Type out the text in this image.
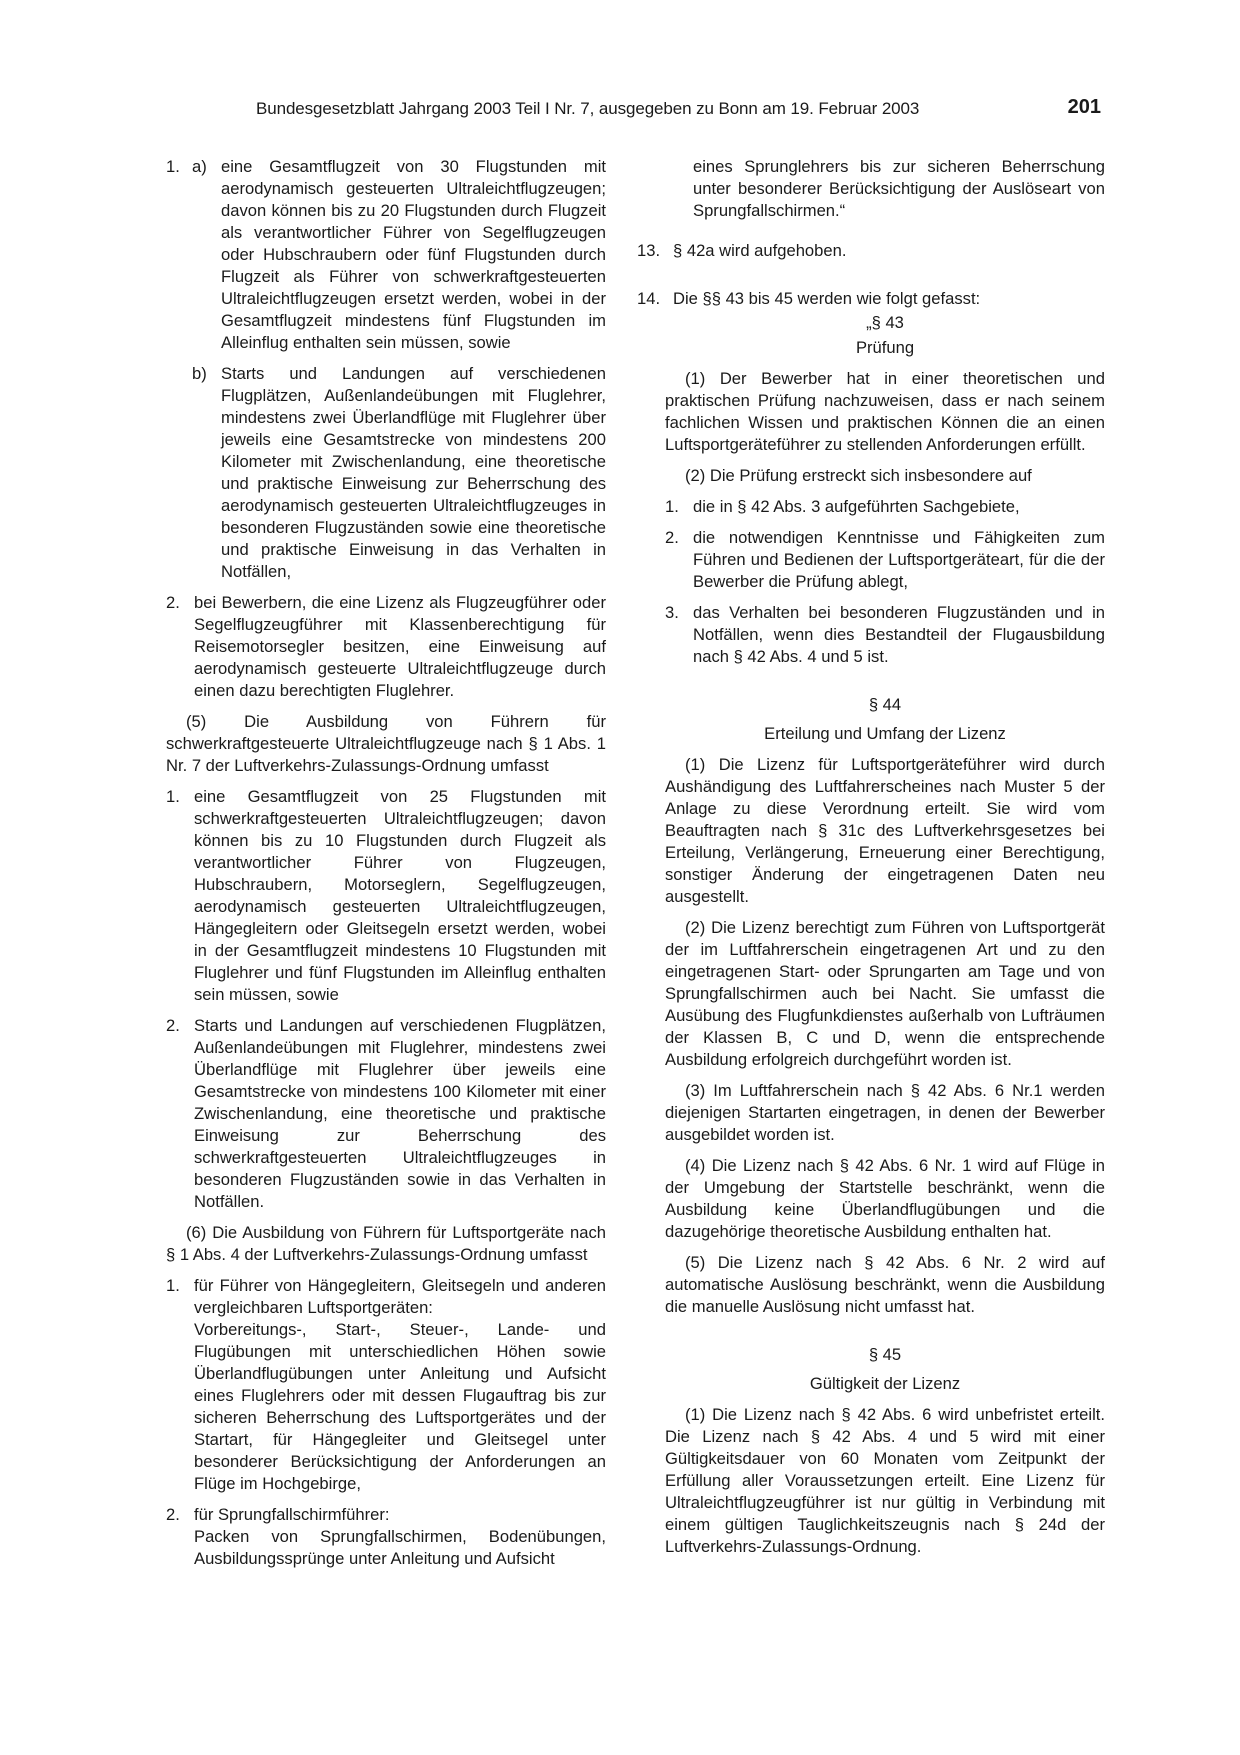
Bundesgesetzblatt Jahrgang 2003 Teil I Nr. 7, ausgegeben zu Bonn am 19. Februar 2003	201
1. a) eine Gesamtflugzeit von 30 Flugstunden mit aerodynamisch gesteuerten Ultraleichtflugzeugen; davon können bis zu 20 Flugstunden durch Flugzeit als verantwortlicher Führer von Segelflugzeugen oder Hubschraubern oder fünf Flugstunden durch Flugzeit als Führer von schwerkraftgesteuerten Ultraleichtflugzeugen ersetzt werden, wobei in der Gesamtflugzeit mindestens fünf Flugstunden im Alleinflug enthalten sein müssen, sowie

b) Starts und Landungen auf verschiedenen Flugplätzen, Außenlandeübungen mit Fluglehrer, mindestens zwei Überlandflüge mit Fluglehrer über jeweils eine Gesamtstrecke von mindestens 200 Kilometer mit Zwischenlandung, eine theoretische und praktische Einweisung zur Beherrschung des aerodynamisch gesteuerten Ultraleichtflugzeuges in besonderen Flugzuständen sowie eine theoretische und praktische Einweisung in das Verhalten in Notfällen,

2. bei Bewerbern, die eine Lizenz als Flugzeugführer oder Segelflugzeugführer mit Klassenberechtigung für Reisemotorsegler besitzen, eine Einweisung auf aerodynamisch gesteuerte Ultraleichtflugzeuge durch einen dazu berechtigten Fluglehrer.

(5) Die Ausbildung von Führern für schwerkraftgesteuerte Ultraleichtflugzeuge nach § 1 Abs. 1 Nr. 7 der Luftverkehrs-Zulassungs-Ordnung umfasst

1. eine Gesamtflugzeit von 25 Flugstunden mit schwerkraftgesteuerten Ultraleichtflugzeugen; davon können bis zu 10 Flugstunden durch Flugzeit als verantwortlicher Führer von Flugzeugen, Hubschraubern, Motorseglern, Segelflugzeugen, aerodynamisch gesteuerten Ultraleichtflugzeugen, Hängegleitern oder Gleitsegeln ersetzt werden, wobei in der Gesamtflugzeit mindestens 10 Flugstunden mit Fluglehrer und fünf Flugstunden im Alleinflug enthalten sein müssen, sowie

2. Starts und Landungen auf verschiedenen Flugplätzen, Außenlandeübungen mit Fluglehrer, mindestens zwei Überlandflüge mit Fluglehrer über jeweils eine Gesamtstrecke von mindestens 100 Kilometer mit einer Zwischenlandung, eine theoretische und praktische Einweisung zur Beherrschung des schwerkraftgesteuerten Ultraleichtflugzeuges in besonderen Flugzuständen sowie in das Verhalten in Notfällen.

(6) Die Ausbildung von Führern für Luftsportgeräte nach § 1 Abs. 4 der Luftverkehrs-Zulassungs-Ordnung umfasst

1. für Führer von Hängegleitern, Gleitsegeln und anderen vergleichbaren Luftsportgeräten:

Vorbereitungs-, Start-, Steuer-, Lande- und Flugübungen mit unterschiedlichen Höhen sowie Überlandflugübungen unter Anleitung und Aufsicht eines Fluglehrers oder mit dessen Flugauftrag bis zur sicheren Beherrschung des Luftsportgerätes und der Startart, für Hängegleiter und Gleitsegel unter besonderer Berücksichtigung der Anforderungen an Flüge im Hochgebirge,

2. für Sprungfallschirmführer:

Packen von Sprungfallschirmen, Bodenübungen, Ausbildungssprünge unter Anleitung und Aufsicht

eines Sprunglehrers bis zur sicheren Beherrschung unter besonderer Berücksichtigung der Auslöseart von Sprungfallschirmen.“

13. § 42a wird aufgehoben.

14. Die §§ 43 bis 45 werden wie folgt gefasst:

„§ 43

Prüfung

(1) Der Bewerber hat in einer theoretischen und praktischen Prüfung nachzuweisen, dass er nach seinem fachlichen Wissen und praktischen Können die an einen Luftsportgeräteführer zu stellenden Anforderungen erfüllt.

(2) Die Prüfung erstreckt sich insbesondere auf

1. die in § 42 Abs. 3 aufgeführten Sachgebiete,

2. die notwendigen Kenntnisse und Fähigkeiten zum Führen und Bedienen der Luftsportgeräteart, für die der Bewerber die Prüfung ablegt,

3. das Verhalten bei besonderen Flugzuständen und in Notfällen, wenn dies Bestandteil der Flugausbildung nach § 42 Abs. 4 und 5 ist.

§ 44

Erteilung und Umfang der Lizenz

(1) Die Lizenz für Luftsportgeräteführer wird durch Aushändigung des Luftfahrerscheines nach Muster 5 der Anlage zu diese Verordnung erteilt. Sie wird vom Beauftragten nach § 31c des Luftverkehrsgesetzes bei Erteilung, Verlängerung, Erneuerung einer Berechtigung, sonstiger Änderung der eingetragenen Daten neu ausgestellt.

(2) Die Lizenz berechtigt zum Führen von Luftsportgerät der im Luftfahrerschein eingetragenen Art und zu den eingetragenen Start- oder Sprungarten am Tage und von Sprungfallschirmen auch bei Nacht. Sie umfasst die Ausübung des Flugfunkdienstes außerhalb von Lufträumen der Klassen B, C und D, wenn die entsprechende Ausbildung erfolgreich durchgeführt worden ist.

(3) Im Luftfahrerschein nach § 42 Abs. 6 Nr.1 werden diejenigen Startarten eingetragen, in denen der Bewerber ausgebildet worden ist.

(4) Die Lizenz nach § 42 Abs. 6 Nr. 1 wird auf Flüge in der Umgebung der Startstelle beschränkt, wenn die Ausbildung keine Überlandflugübungen und die dazugehörige theoretische Ausbildung enthalten hat.

(5) Die Lizenz nach § 42 Abs. 6 Nr. 2 wird auf automatische Auslösung beschränkt, wenn die Ausbildung die manuelle Auslösung nicht umfasst hat.

§ 45

Gültigkeit der Lizenz

(1) Die Lizenz nach § 42 Abs. 6 wird unbefristet erteilt. Die Lizenz nach § 42 Abs. 4 und 5 wird mit einer Gültigkeitsdauer von 60 Monaten vom Zeitpunkt der Erfüllung aller Voraussetzungen erteilt. Eine Lizenz für Ultraleichtflugzeugführer ist nur gültig in Verbindung mit einem gültigen Tauglichkeitszeugnis nach § 24d der Luftverkehrs-Zulassungs-Ordnung.
